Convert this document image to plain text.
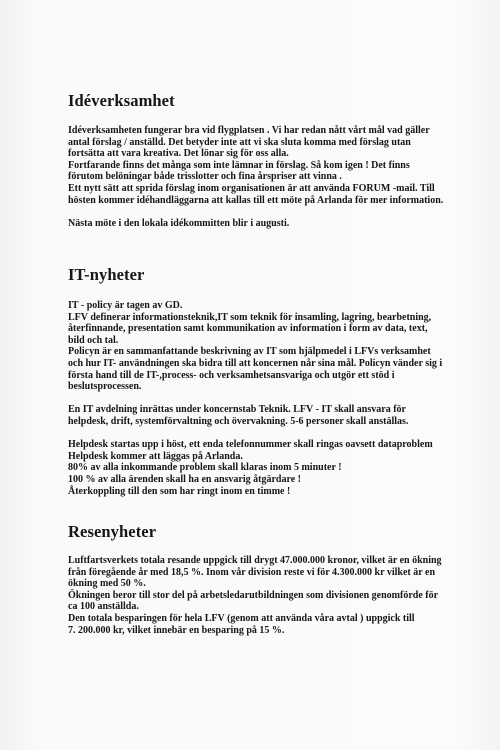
Idéverksamhet

Idéverksamheten fungerar bra vid flygplatsen . Vi har redan nått vårt mål vad gäller
antal förslag / anställd. Det betyder inte att vi ska sluta komma med förslag utan
fortsätta att vara kreativa. Det lönar sig för oss alla.
Fortfarande finns det många som inte lämnar in förslag. Så kom igen ! Det finns
förutom belöningar både trisslotter och fina årspriser att vinna .
Ett nytt sätt att sprida förslag inom organisationen är att använda FORUM -mail. Till
hösten kommer idéhandläggarna att kallas till ett möte på Arlanda för mer information.

Nästa möte i den lokala idékommitten blir i augusti.

IT-nyheter

IT - policy är tagen av GD.
LFV definerar informationsteknik,IT som teknik för insamling, lagring, bearbetning,
återfinnande, presentation samt kommunikation av information i form av data, text,
bild och tal.
Policyn är en sammanfattande beskrivning av IT som hjälpmedel i LFVs verksamhet
och hur IT- användningen ska bidra till att koncernen når sina mål. Policyn vänder sig i
första hand till de IT-,process- och verksamhetsansvariga och utgör ett stöd i
beslutsprocessen.

En IT avdelning inrättas under koncernstab Teknik. LFV - IT skall ansvara för
helpdesk, drift, systemförvaltning och övervakning. 5-6 personer skall anställas.

Helpdesk startas upp i höst, ett enda telefonnummer skall ringas oavsett dataproblem
Helpdesk kommer att läggas på Arlanda.
80% av alla inkommande problem skall klaras inom 5 minuter !
100 % av alla ärenden skall ha en ansvarig åtgärdare !
Återkoppling till den som har ringt inom en timme !

Resenyheter

Luftfartsverkets totala resande uppgick till drygt 47.000.000 kronor, vilket är en ökning
från föregående år med 18,5 %. Inom vår division reste vi för 4.300.000 kr vilket är en
ökning med 50 %.
Ökningen beror till stor del på arbetsledarutbildningen som divisionen genomförde för
ca 100 anställda.
Den totala besparingen för hela LFV (genom att använda våra avtal ) uppgick till
7. 200.000 kr, vilket innebär en besparing på 15 %.
